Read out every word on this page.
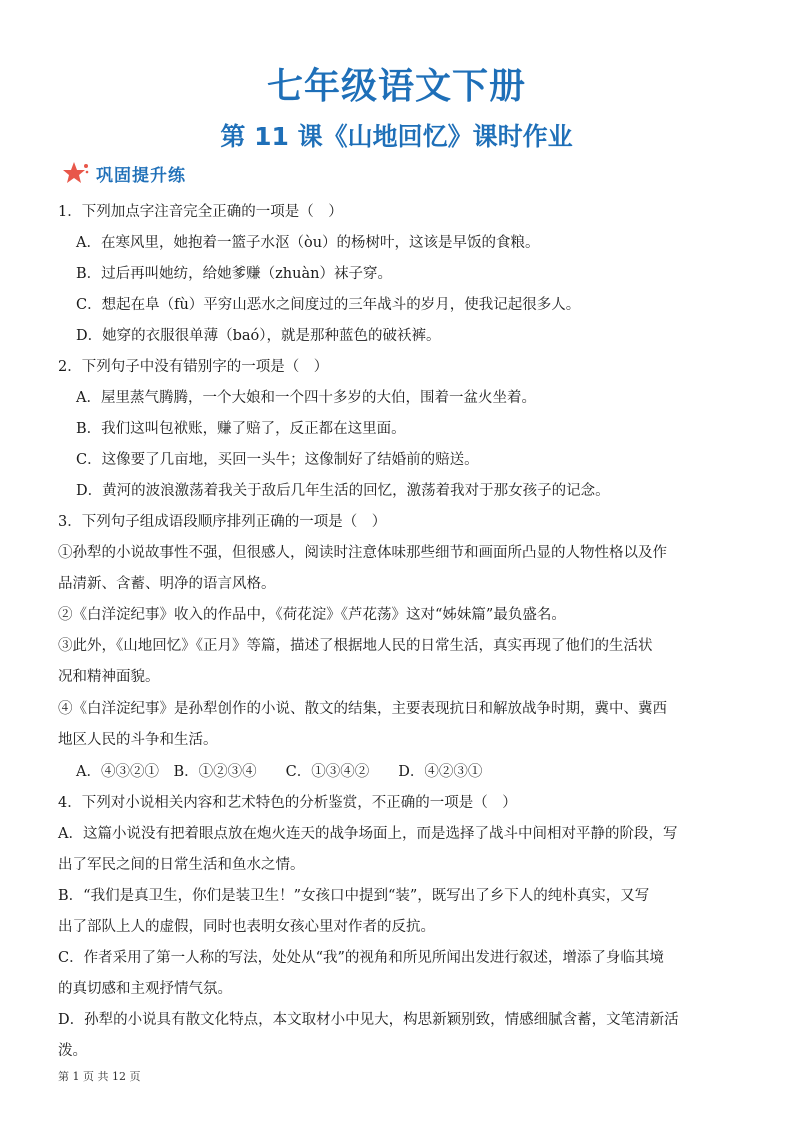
七年级语文下册
第 11 课《山地回忆》课时作业
巩固提升练
1．下列加点字注音完全正确的一项是（　）
A．在寒风里，她抱着一篮子水沤（òu）的杨树叶，这该是早饭的食粮。
B．过后再叫她纺，给她爹赚（zhuàn）袜子穿。
C．想起在阜（fù）平穷山恶水之间度过的三年战斗的岁月，使我记起很多人。
D．她穿的衣服很单薄（baó），就是那种蓝色的破袄裤。
2．下列句子中没有错别字的一项是（　）
A．屋里蒸气腾腾，一个大娘和一个四十多岁的大伯，围着一盆火坐着。
B．我们这叫包袱账，赚了赔了，反正都在这里面。
C．这像要了几亩地，买回一头牛；这像制好了结婚前的赔送。
D．黄河的波浪激荡着我关于敌后几年生活的回忆，激荡着我对于那女孩子的记念。
3．下列句子组成语段顺序排列正确的一项是（　）
①孙犁的小说故事性不强，但很感人，阅读时注意体味那些细节和画面所凸显的人物性格以及作
品清新、含蓄、明净的语言风格。
②《白洋淀纪事》收入的作品中，《荷花淀》《芦花荡》这对“姊妹篇”最负盛名。
③此外，《山地回忆》《正月》等篇，描述了根据地人民的日常生活，真实再现了他们的生活状
况和精神面貌。
④《白洋淀纪事》是孙犁创作的小说、散文的结集，主要表现抗日和解放战争时期，冀中、冀西
地区人民的斗争和生活。
A．④③②①　B．①②③④　　C．①③④②　　D．④②③①
4．下列对小说相关内容和艺术特色的分析鉴赏，不正确的一项是（　）
A．这篇小说没有把着眼点放在炮火连天的战争场面上，而是选择了战斗中间相对平静的阶段，写
出了军民之间的日常生活和鱼水之情。
B．“我们是真卫生，你们是装卫生！”女孩口中提到“装”，既写出了乡下人的纯朴真实，又写
出了部队上人的虚假，同时也表明女孩心里对作者的反抗。
C．作者采用了第一人称的写法，处处从“我”的视角和所见所闻出发进行叙述，增添了身临其境
的真切感和主观抒情气氛。
D．孙犁的小说具有散文化特点，本文取材小中见大，构思新颖别致，情感细腻含蓄，文笔清新活
泼。
第 1 页 共 12 页
